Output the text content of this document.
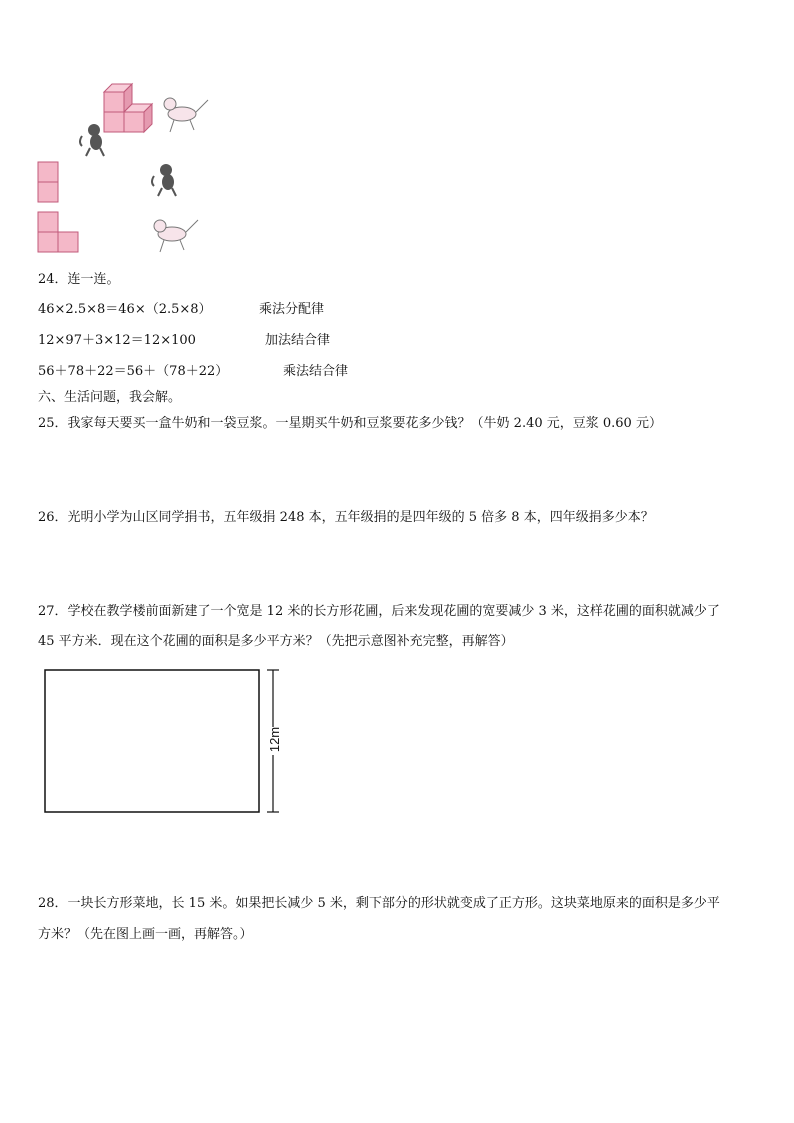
24．连一连。
46×2.5×8＝46×（2.5×8）	乘法分配律
12×97＋3×12＝12×100	加法结合律
56＋78＋22＝56＋（78＋22）	乘法结合律
六、生活问题，我会解。
25．我家每天要买一盒牛奶和一袋豆浆。一星期买牛奶和豆浆要花多少钱？（牛奶 2.40 元，豆浆 0.60 元）
26．光明小学为山区同学捐书，五年级捐 248 本，五年级捐的是四年级的 5 倍多 8 本，四年级捐多少本？
27．学校在教学楼前面新建了一个宽是 12 米的长方形花圃，后来发现花圃的宽要减少 3 米，这样花圃的面积就减少了
45 平方米．现在这个花圃的面积是多少平方米？（先把示意图补充完整，再解答）
12m
28．一块长方形菜地，长 15 米。如果把长减少 5 米，剩下部分的形状就变成了正方形。这块菜地原来的面积是多少平
方米？（先在图上画一画，再解答。）
